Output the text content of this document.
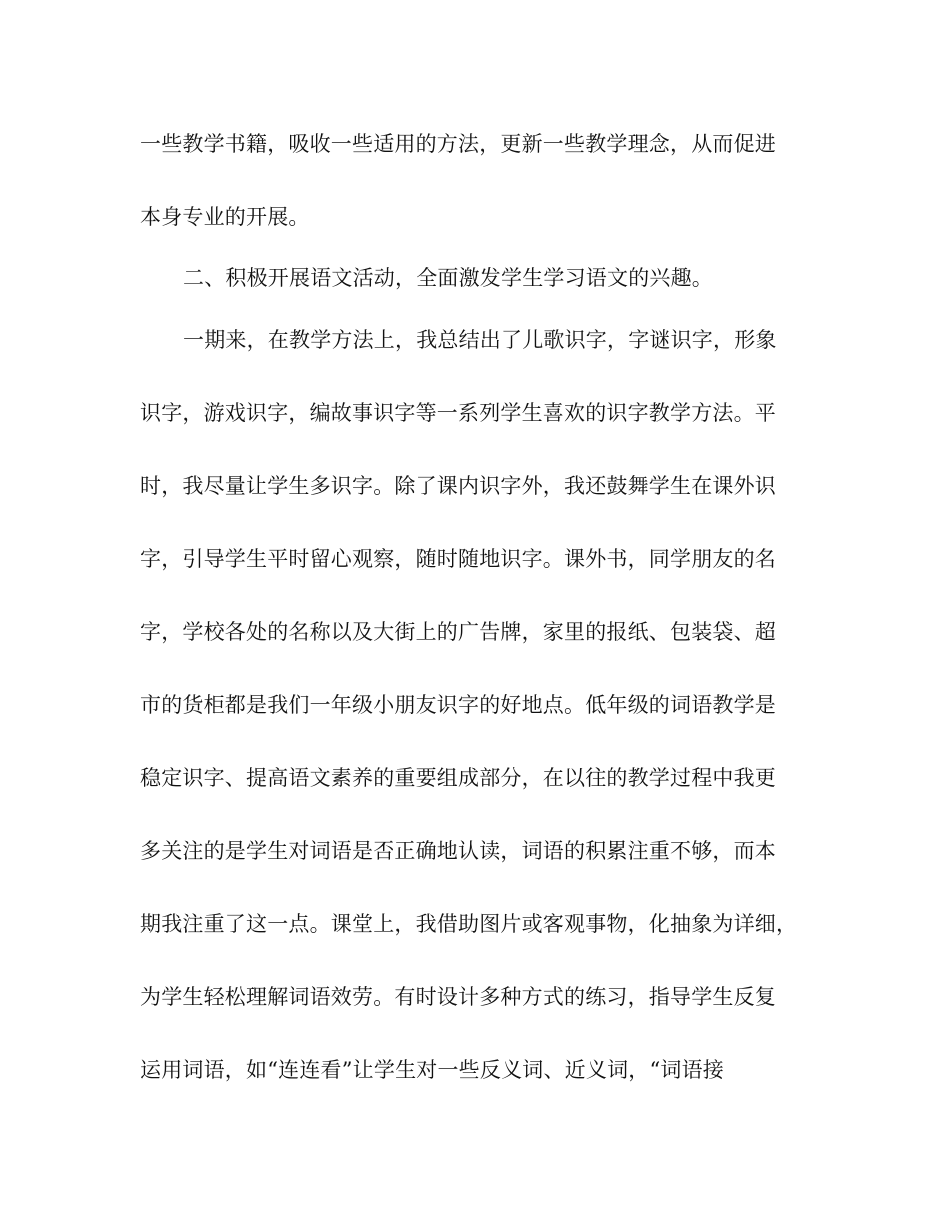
一些教学书籍，吸收一些适用的方法，更新一些教学理念，从而促进
本身专业的开展。
二、积极开展语文活动，全面激发学生学习语文的兴趣。
一期来，在教学方法上，我总结出了儿歌识字，字谜识字，形象
识字，游戏识字，编故事识字等一系列学生喜欢的识字教学方法。平
时，我尽量让学生多识字。除了课内识字外，我还鼓舞学生在课外识
字，引导学生平时留心观察，随时随地识字。课外书，同学朋友的名
字，学校各处的名称以及大街上的广告牌，家里的报纸、包装袋、超
市的货柜都是我们一年级小朋友识字的好地点。低年级的词语教学是
稳定识字、提高语文素养的重要组成部分，在以往的教学过程中我更
多关注的是学生对词语是否正确地认读，词语的积累注重不够，而本
期我注重了这一点。课堂上，我借助图片或客观事物，化抽象为详细，
为学生轻松理解词语效劳。有时设计多种方式的练习，指导学生反复
运用词语，如“连连看”让学生对一些反义词、近义词，“词语接
